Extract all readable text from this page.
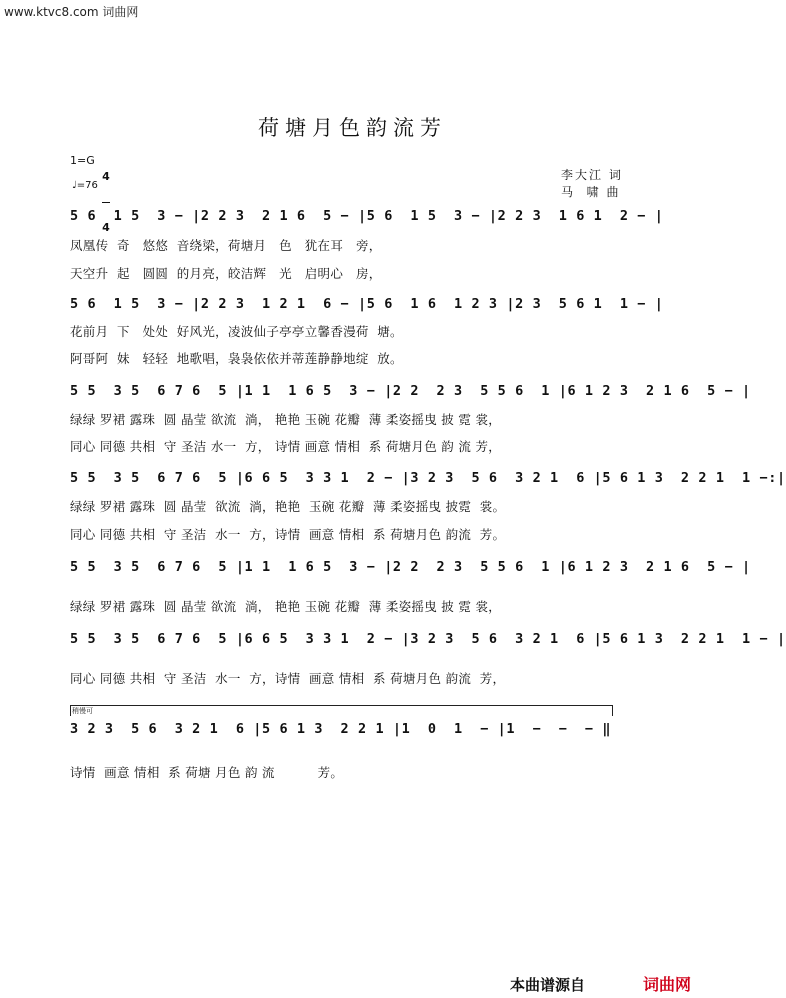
www.ktvc8.com 词曲网
荷塘月色韵流芳
1=G

4

4

♩=76
李大江 词
马  啸 曲
5 6  1 5  3 − |2 2 3  2 1 6  5 − |5 6  1 5  3 − |2 2 3  1 6 1  2 − |
凤凰传  奇   悠悠  音绕梁，荷塘月   色   犹在耳   旁，
天空升  起   圆圆  的月亮，皎洁辉   光   启明心   房，
5 6  1 5  3 − |2 2 3  1 2 1  6 − |5 6  1 6  1 2 3 |2 3  5 6 1  1 − |
花前月  下   处处  好风光，凌波仙子亭亭立馨香漫荷  塘。
阿哥阿  妹   轻轻  地歌唱，袅袅依依并蒂莲静静地绽  放。
5 5  3 5  6 7 6  5 |1 1  1 6 5  3 − |2 2  2 3  5 5 6  1 |6 1 2 3  2 1 6  5 − |
绿绿 罗裙 露珠  圆 晶莹 欲流  淌， 艳艳 玉碗 花瓣  薄 柔姿摇曳 披 霓 裳，
同心 同德 共相  守 圣洁 水一  方， 诗情 画意 情相  系 荷塘月色 韵 流 芳，
5 5  3 5  6 7 6  5 |6 6 5  3 3 1  2 − |3 2 3  5 6  3 2 1  6 |5 6 1 3  2 2 1  1 −:|
绿绿 罗裙 露珠  圆 晶莹  欲流  淌，艳艳  玉碗 花瓣  薄 柔姿摇曳 披霓  裳。
同心 同德 共相  守 圣洁  水一  方，诗情  画意 情相  系 荷塘月色 韵流  芳。
5 5  3 5  6 7 6  5 |1 1  1 6 5  3 − |2 2  2 3  5 5 6  1 |6 1 2 3  2 1 6  5 − |
绿绿 罗裙 露珠  圆 晶莹 欲流  淌， 艳艳 玉碗 花瓣  薄 柔姿摇曳 披 霓 裳，
5 5  3 5  6 7 6  5 |6 6 5  3 3 1  2 − |3 2 3  5 6  3 2 1  6 |5 6 1 3  2 2 1  1 − |
同心 同德 共相  守 圣洁  水一  方，诗情  画意 情相  系 荷塘月色 韵流  芳，
稍慢可
3 2 3  5 6  3 2 1  6 |5 6 1 3  2 2 1 |1  0  1  − |1  −  −  − ‖
诗情  画意 情相  系 荷塘 月色 韵 流          芳。
本曲谱源自	词曲网
